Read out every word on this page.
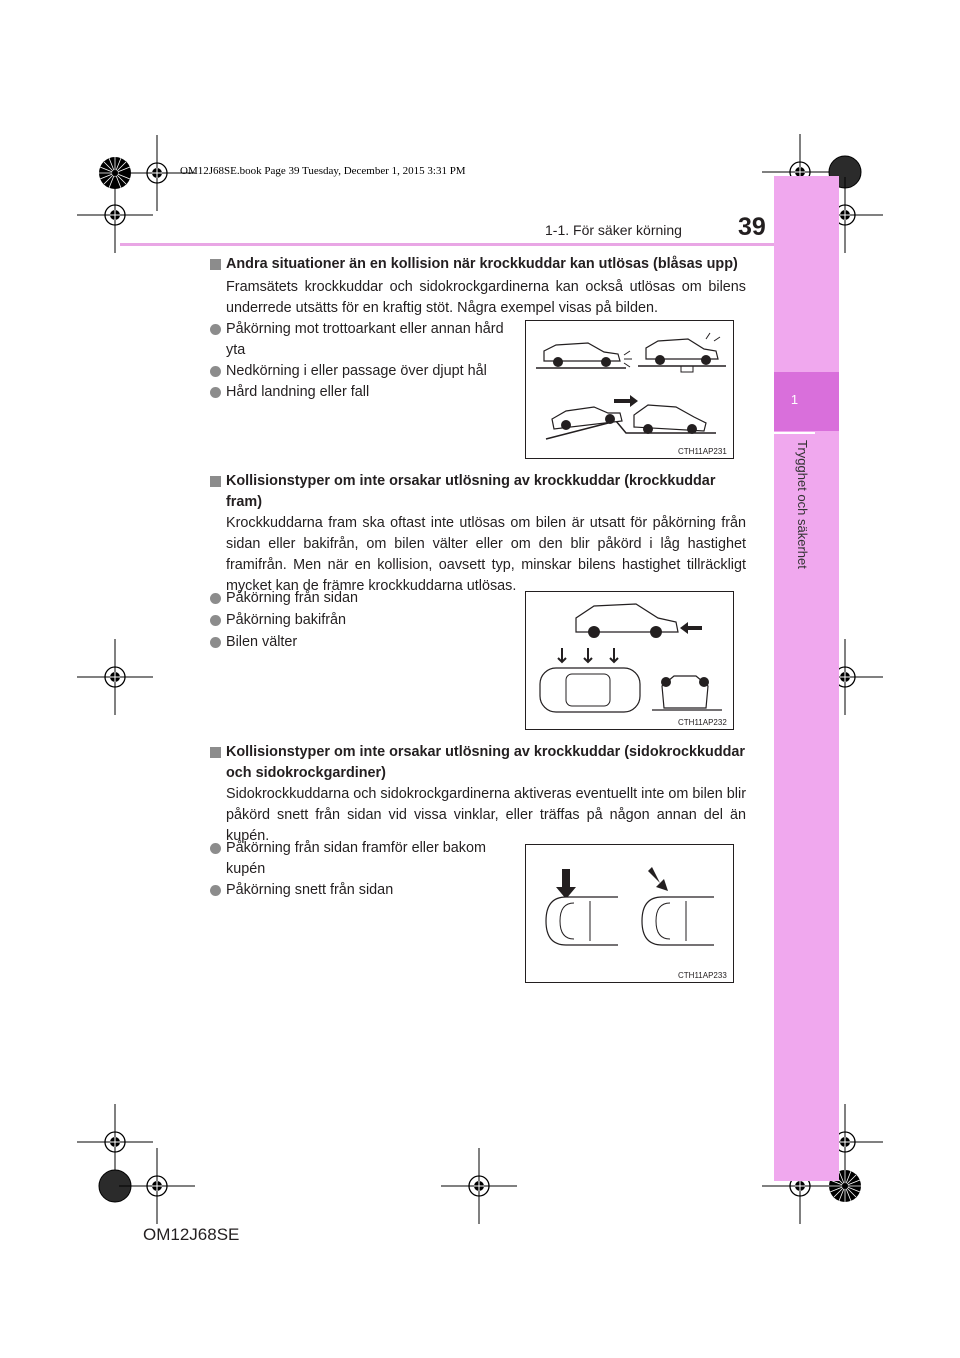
OM12J68SE.book Page 39 Tuesday, December 1, 2015 3:31 PM
1-1. För säker körning 39
1
Trygghet och säkerhet
Andra situationer än en kollision när krockkuddar kan utlösas (blåsas upp)
Framsätets krockkuddar och sidokrockgardinerna kan också utlösas om bilens underrede utsätts för en kraftig stöt. Några exempel visas på bilden.
Påkörning mot trottoarkant eller annan hård yta
Nedkörning i eller passage över djupt hål
Hård landning eller fall
CTH11AP231
Kollisionstyper om inte orsakar utlösning av krockkuddar (krockkuddar fram)
Krockkuddarna fram ska oftast inte utlösas om bilen är utsatt för påkörning från sidan eller bakifrån, om bilen välter eller om den blir påkörd i låg hastighet framifrån. Men när en kollision, oavsett typ, minskar bilens hastighet tillräckligt mycket kan de främre krockkuddarna utlösas.
Påkörning från sidan
Påkörning bakifrån
Bilen välter
CTH11AP232
Kollisionstyper om inte orsakar utlösning av krockkuddar (sidokrockkuddar och sidokrockgardiner)
Sidokrockkuddarna och sidokrockgardinerna aktiveras eventuellt inte om bilen blir påkörd snett från sidan vid vissa vinklar, eller träffas på någon annan del än kupén.
Påkörning från sidan framför eller bakom kupén
Påkörning snett från sidan
CTH11AP233
OM12J68SE
